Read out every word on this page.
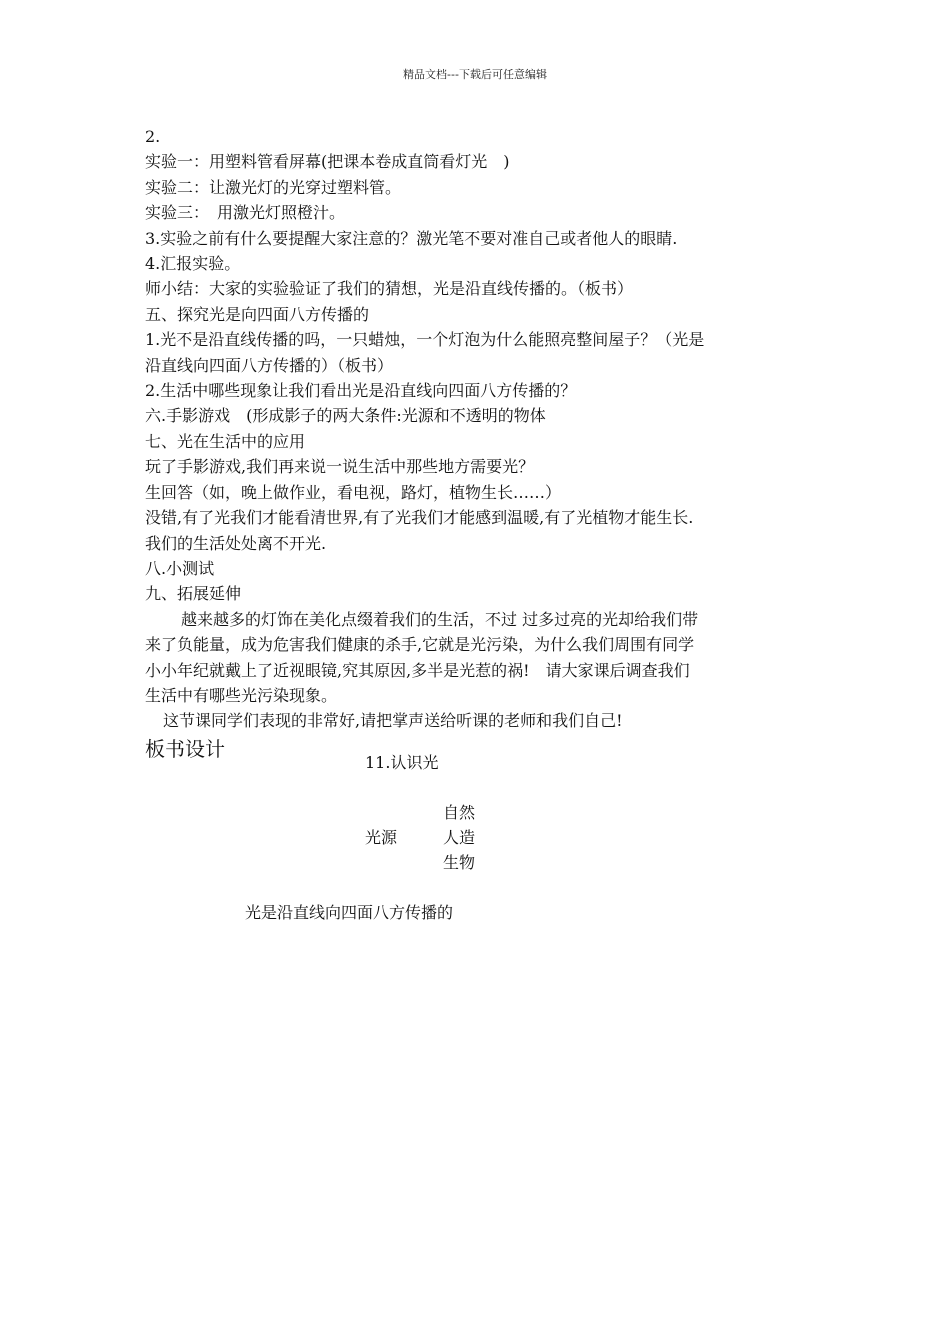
精品文档---下载后可任意编辑

2.

实验一：用塑料管看屏幕(把课本卷成直筒看灯光　)

实验二：让激光灯的光穿过塑料管。

实验三：　用激光灯照橙汁。

3.实验之前有什么要提醒大家注意的？激光笔不要对准自己或者他人的眼睛.

4.汇报实验。

师小结：大家的实验验证了我们的猜想，光是沿直线传播的。（板书）

五、探究光是向四面八方传播的

1.光不是沿直线传播的吗，一只蜡烛，一个灯泡为什么能照亮整间屋子？（光是

沿直线向四面八方传播的）（板书）

2.生活中哪些现象让我们看出光是沿直线向四面八方传播的？

六.手影游戏　(形成影子的两大条件:光源和不透明的物体

七、光在生活中的应用

玩了手影游戏,我们再来说一说生活中那些地方需要光？

生回答（如，晚上做作业，看电视，路灯，植物生长……）

没错,有了光我们才能看清世界,有了光我们才能感到温暖,有了光植物才能生长.

我们的生活处处离不开光.

八.小测试

九、拓展延伸

越来越多的灯饰在美化点缀着我们的生活，不过 过多过亮的光却给我们带

来了负能量，成为危害我们健康的杀手,它就是光污染，为什么我们周围有同学

小小年纪就戴上了近视眼镜,究其原因,多半是光惹的祸!　请大家课后调查我们

生活中有哪些光污染现象。

这节课同学们表现的非常好,请把掌声送给听课的老师和我们自己!

板书设计

11.认识光
自然
光源	人造
生物
光是沿直线向四面八方传播的
